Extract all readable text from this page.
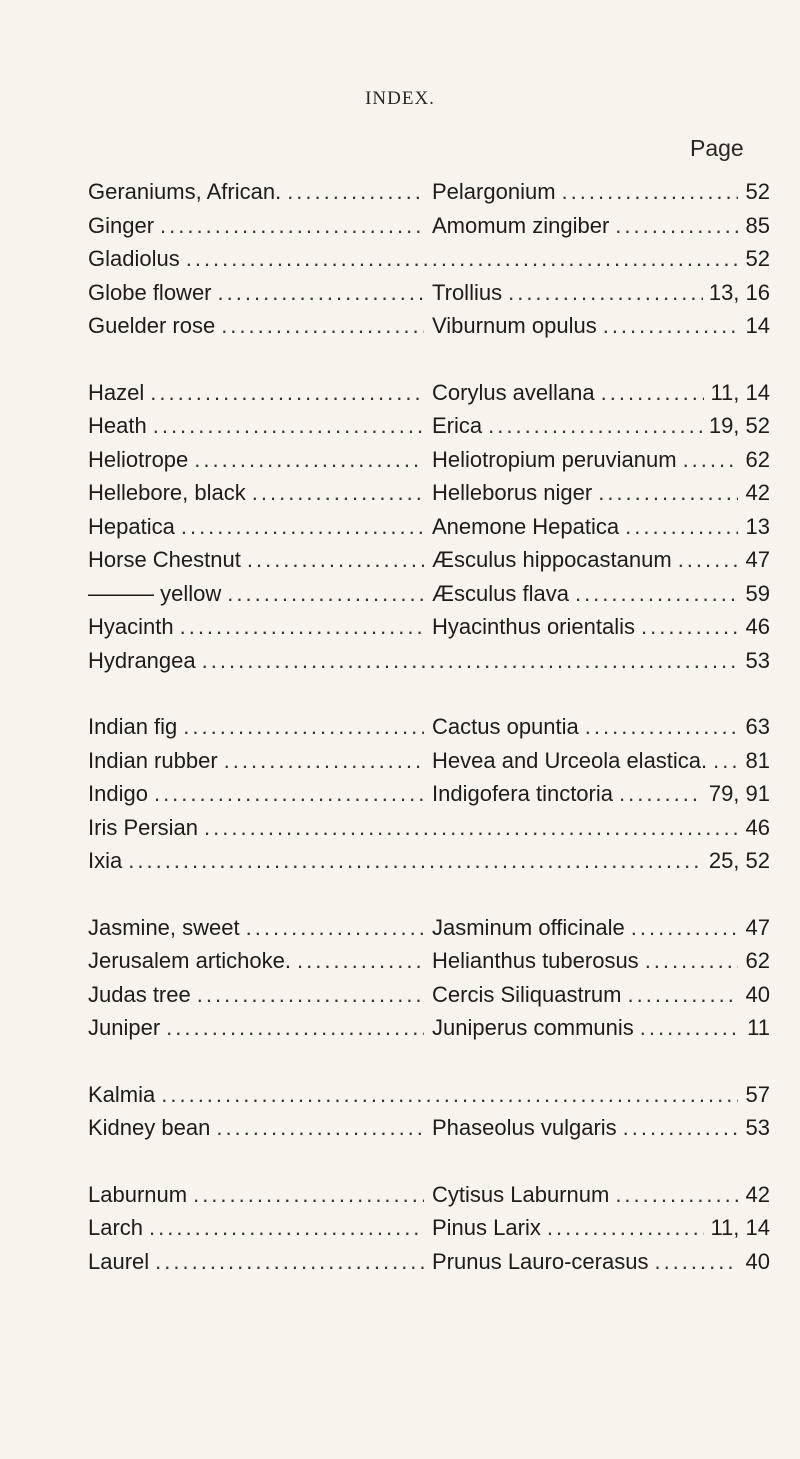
INDEX.
Page
Geraniums, African. .....	Pelargonium .....	52
Ginger .....	Amomum zingiber .....	85
Gladiolus .....	52
Globe flower .....	Trollius .....	13, 16
Guelder rose .....	Viburnum opulus .....	14
Hazel .....	Corylus avellana .....	11, 14
Heath .....	Erica .....	19, 52
Heliotrope .....	Heliotropium peruvianum .....	62
Hellebore, black .....	Helleborus niger .....	42
Hepatica .....	Anemone Hepatica .....	13
Horse Chestnut .....	Æsculus hippocastanum .....	47
——— yellow .....	Æsculus flava .....	59
Hyacinth .....	Hyacinthus orientalis .....	46
Hydrangea .....	53
Indian fig .....	Cactus opuntia .....	63
Indian rubber .....	Hevea and Urceola elastica. ..... 81
Indigo .....	Indigofera tinctoria .....	79, 91
Iris Persian .....	46
Ixia .....	25, 52
Jasmine, sweet .....	Jasminum officinale .....	47
Jerusalem artichoke. .....	Helianthus tuberosus .....	62
Judas tree .....	Cercis Siliquastrum .....	40
Juniper .....	Juniperus communis .....	11
Kalmia .....	57
Kidney bean .....	Phaseolus vulgaris .....	53
Laburnum .....	Cytisus Laburnum .....	42
Larch .....	Pinus Larix .....	11, 14
Laurel .....	Prunus Lauro-cerasus .....	40
